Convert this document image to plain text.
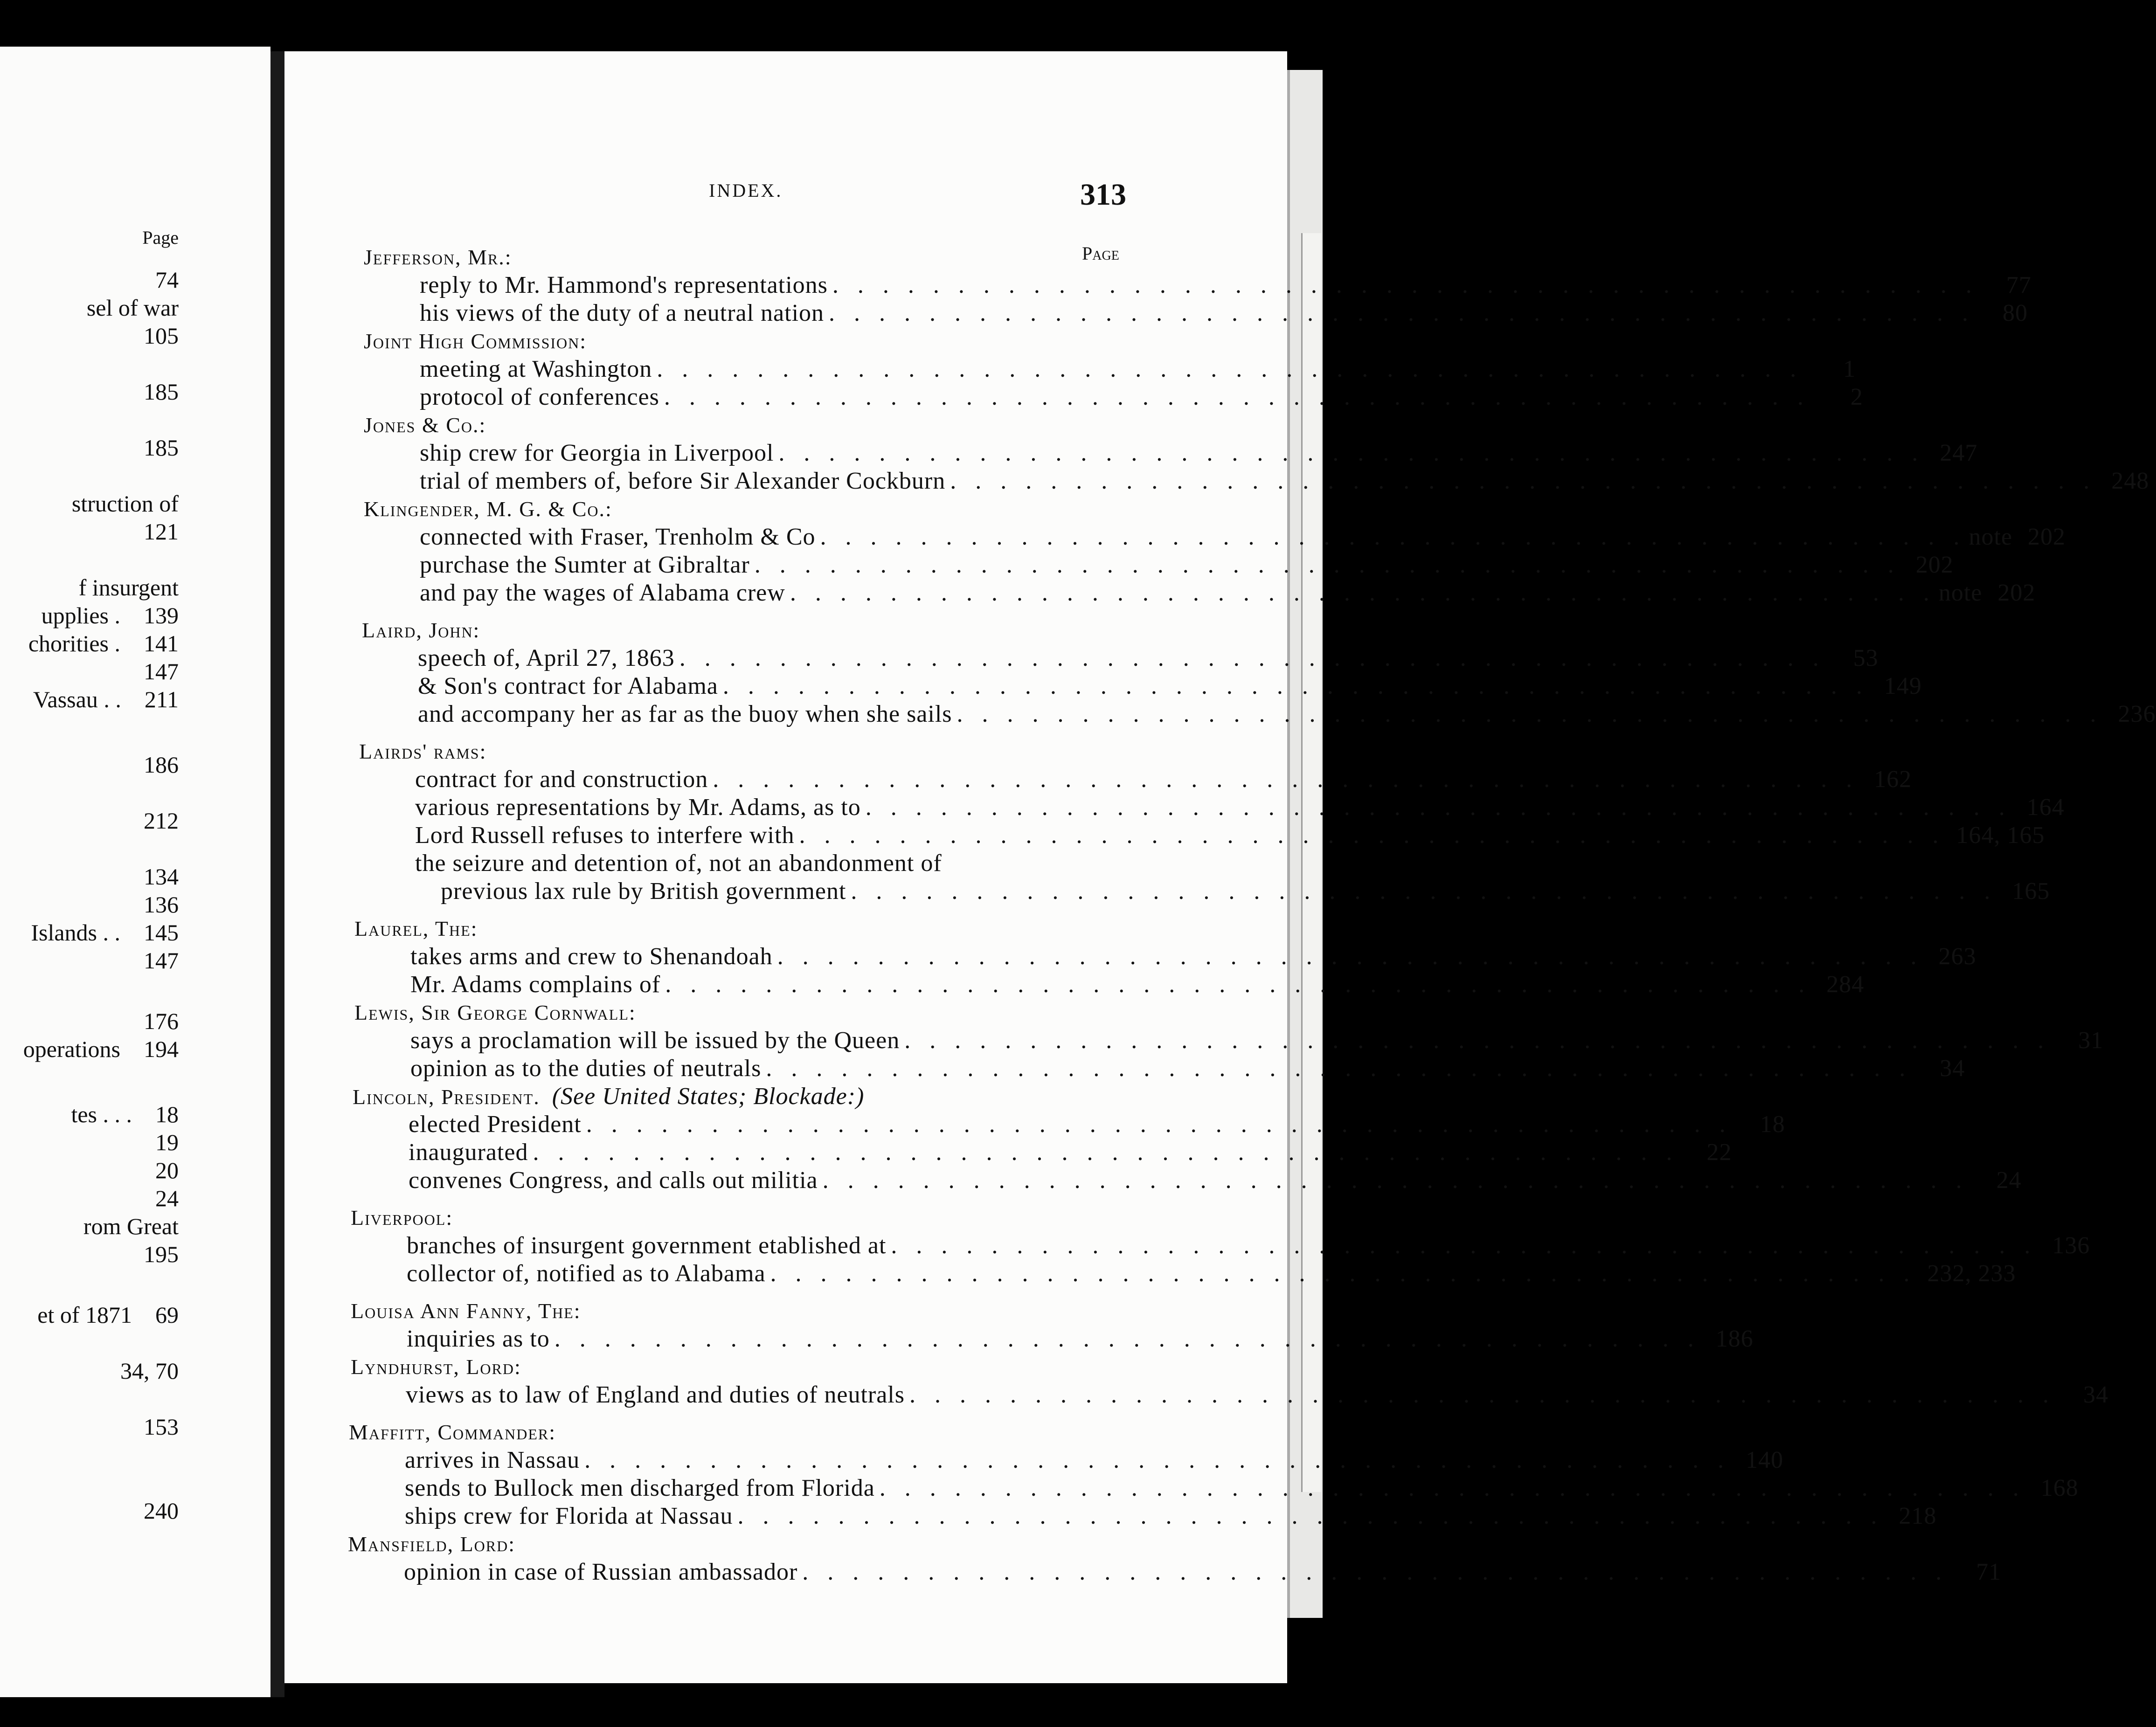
Page
74
sel of war
105
185
185
struction of
121
f insurgent
upplies . 139
chorities . 141
147
Vassau . . 211
186
212
134
136
Islands . . 145
147
176
operations 194
tes . . . 18
19
20
24
rom Great
195
et of 1871 69
34, 70
153
240
INDEX.	313
Page
Jefferson, Mr.:
reply to Mr. Hammond's representations . . . . . . . . . . . . . . . . . . . . . . . . . . . . . . . . . . . . . . . . . . . . . .	77
his views of the duty of a neutral nation . . . . . . . . . . . . . . . . . . . . . . . . . . . . . . . . . . . . . . . . . . . . . .	80
Joint High Commission:
meeting at Washington . . . . . . . . . . . . . . . . . . . . . . . . . . . . . . . . . . . . . . . . . . . . . .	1
protocol of conferences . . . . . . . . . . . . . . . . . . . . . . . . . . . . . . . . . . . . . . . . . . . . . .	2
Jones & Co.:
ship crew for Georgia in Liverpool . . . . . . . . . . . . . . . . . . . . . . . . . . . . . . . . . . . . . . . . . . . . . . 247
trial of members of, before Sir Alexander Cockburn . . . . . . . . . . . . . . . . . . . . . . . . . . . . . . . . . . . . . . . . . . . . . . 248
Klingender, M. G. & Co.:
connected with Fraser, Trenholm & Co . . . . . . . . . . . . . . . . . . . . . . . . . . . . . . . . . . . . . . . . . . . . . . note 202
purchase the Sumter at Gibraltar . . . . . . . . . . . . . . . . . . . . . . . . . . . . . . . . . . . . . . . . . . . . . . 202
and pay the wages of Alabama crew . . . . . . . . . . . . . . . . . . . . . . . . . . . . . . . . . . . . . . . . . . . . . . note 202
Laird, John:
speech of, April 27, 1863 . . . . . . . . . . . . . . . . . . . . . . . . . . . . . . . . . . . . . . . . . . . . . .	53
& Son's contract for Alabama . . . . . . . . . . . . . . . . . . . . . . . . . . . . . . . . . . . . . . . . . . . . . . 149
and accompany her as far as the buoy when she sails . . . . . . . . . . . . . . . . . . . . . . . . . . . . . . . . . . . . . . . . . . . . . . 236
Lairds' rams:
contract for and construction . . . . . . . . . . . . . . . . . . . . . . . . . . . . . . . . . . . . . . . . . . . . . . 162
various representations by Mr. Adams, as to . . . . . . . . . . . . . . . . . . . . . . . . . . . . . . . . . . . . . . . . . . . . . . 164
Lord Russell refuses to interfere with . . . . . . . . . . . . . . . . . . . . . . . . . . . . . . . . . . . . . . . . . . . . . . 164, 165
the seizure and detention of, not an abandonment of
previous lax rule by British government . . . . . . . . . . . . . . . . . . . . . . . . . . . . . . . . . . . . . . . . . . . . . . 165
Laurel, The:
takes arms and crew to Shenandoah . . . . . . . . . . . . . . . . . . . . . . . . . . . . . . . . . . . . . . . . . . . . . . 263
Mr. Adams complains of . . . . . . . . . . . . . . . . . . . . . . . . . . . . . . . . . . . . . . . . . . . . . . 284
Lewis, Sir George Cornwall:
says a proclamation will be issued by the Queen . . . . . . . . . . . . . . . . . . . . . . . . . . . . . . . . . . . . . . . . . . . . . .	31
opinion as to the duties of neutrals . . . . . . . . . . . . . . . . . . . . . . . . . . . . . . . . . . . . . . . . . . . . . .	34
Lincoln, President. (See United States; Blockade:)
elected President . . . . . . . . . . . . . . . . . . . . . . . . . . . . . . . . . . . . . . . . . . . . . .	18
inaugurated . . . . . . . . . . . . . . . . . . . . . . . . . . . . . . . . . . . . . . . . . . . . . .	22
convenes Congress, and calls out militia . . . . . . . . . . . . . . . . . . . . . . . . . . . . . . . . . . . . . . . . . . . . . .	24
Liverpool:
branches of insurgent government etablished at . . . . . . . . . . . . . . . . . . . . . . . . . . . . . . . . . . . . . . . . . . . . . . 136
collector of, notified as to Alabama . . . . . . . . . . . . . . . . . . . . . . . . . . . . . . . . . . . . . . . . . . . . . . 232, 233
Louisa Ann Fanny, The:
inquiries as to . . . . . . . . . . . . . . . . . . . . . . . . . . . . . . . . . . . . . . . . . . . . . . 186
Lyndhurst, Lord:
views as to law of England and duties of neutrals . . . . . . . . . . . . . . . . . . . . . . . . . . . . . . . . . . . . . . . . . . . . . .	34
Maffitt, Commander:
arrives in Nassau . . . . . . . . . . . . . . . . . . . . . . . . . . . . . . . . . . . . . . . . . . . . . . 140
sends to Bullock men discharged from Florida . . . . . . . . . . . . . . . . . . . . . . . . . . . . . . . . . . . . . . . . . . . . . . 168
ships crew for Florida at Nassau . . . . . . . . . . . . . . . . . . . . . . . . . . . . . . . . . . . . . . . . . . . . . . 218
Mansfield, Lord:
opinion in case of Russian ambassador . . . . . . . . . . . . . . . . . . . . . . . . . . . . . . . . . . . . . . . . . . . . . .	71
